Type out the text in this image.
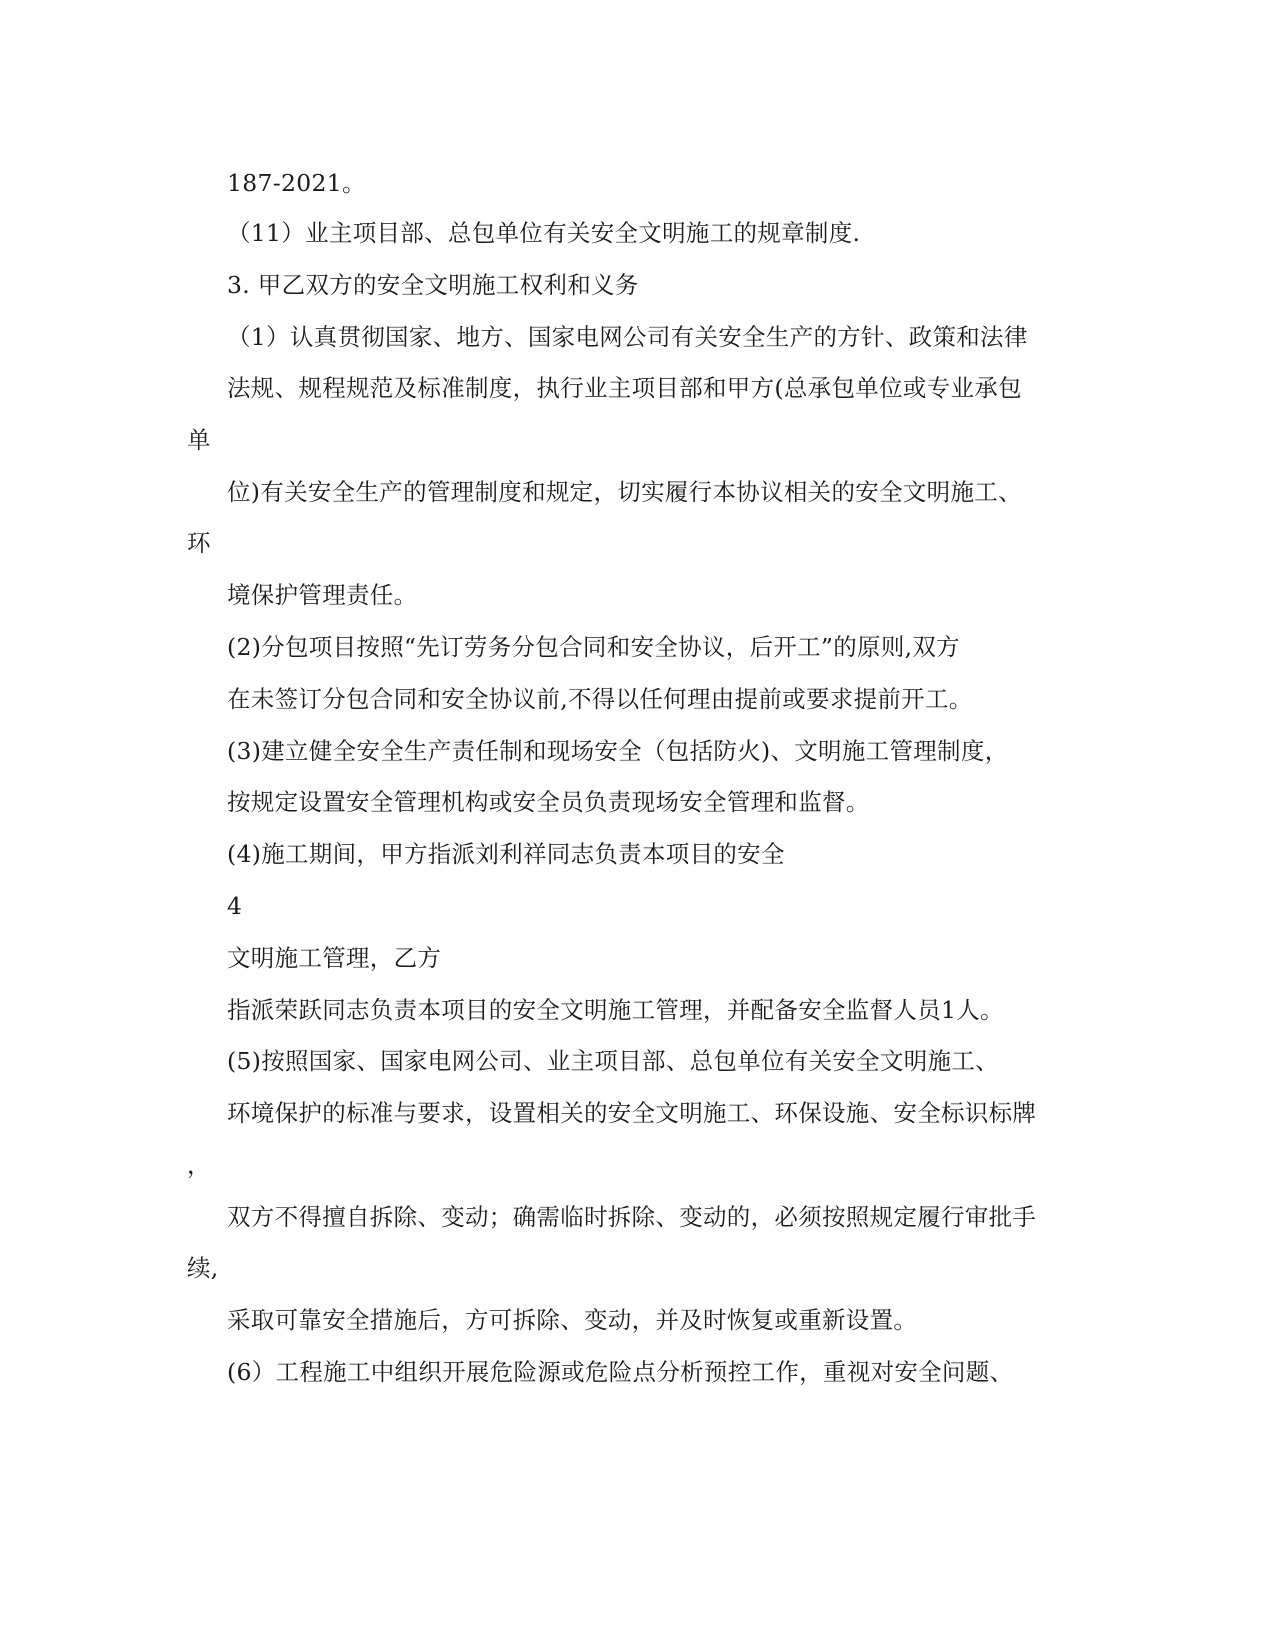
187-2021。
（11）业主项目部、总包单位有关安全文明施工的规章制度.
3. 甲乙双方的安全文明施工权利和义务
（1）认真贯彻国家、地方、国家电网公司有关安全生产的方针、政策和法律
法规、规程规范及标准制度，执行业主项目部和甲方(总承包单位或专业承包
单
位)有关安全生产的管理制度和规定，切实履行本协议相关的安全文明施工、
环
境保护管理责任。
(2)分包项目按照“先订劳务分包合同和安全协议，后开工”的原则,双方
在未签订分包合同和安全协议前,不得以任何理由提前或要求提前开工。
(3)建立健全安全生产责任制和现场安全（包括防火)、文明施工管理制度，
按规定设置安全管理机构或安全员负责现场安全管理和监督。
(4)施工期间，甲方指派刘利祥同志负责本项目的安全
4
文明施工管理，乙方
指派荣跃同志负责本项目的安全文明施工管理，并配备安全监督人员1人。
(5)按照国家、国家电网公司、业主项目部、总包单位有关安全文明施工、
环境保护的标准与要求，设置相关的安全文明施工、环保设施、安全标识标牌
，
双方不得擅自拆除、变动；确需临时拆除、变动的，必须按照规定履行审批手
续,
采取可靠安全措施后，方可拆除、变动，并及时恢复或重新设置。
(6）工程施工中组织开展危险源或危险点分析预控工作，重视对安全问题、
